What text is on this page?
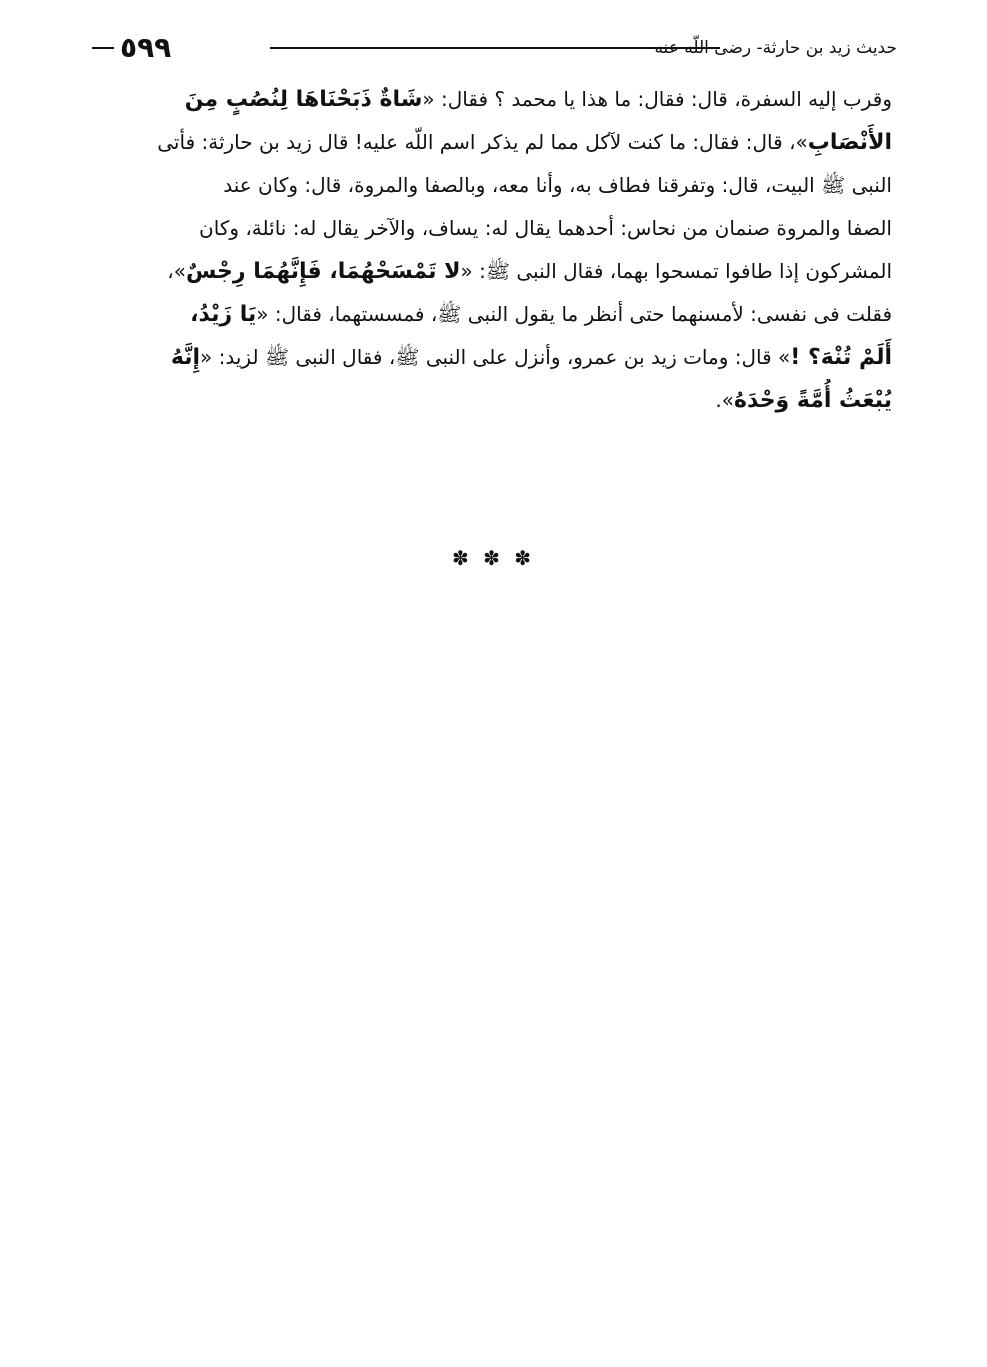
٥٩٩	حديث زيد بن حارثة- رضى اللّه عنه-
وقرب إليه السفرة، قال: فقال: ما هذا يا محمد ؟ فقال: «شَاةٌ ذَبَحْنَاهَا لِنُصُبٍ مِنَ
الأَنْصَابِ»، قال: فقال: ما كنت لآكل مما لم يذكر اسم اللّه عليه! قال زيد بن حارثة: فأتى
النبى ﷺ البيت، قال: وتفرقنا فطاف به، وأنا معه، وبالصفا والمروة، قال: وكان عند
الصفا والمروة صنمان من نحاس: أحدهما يقال له: يساف، والآخر يقال له: نائلة، وكان
المشركون إذا طافوا تمسحوا بهما، فقال النبى ﷺ: «لا تَمْسَحْهُمَا، فَإِنَّهُمَا رِجْسٌ»،
فقلت فى نفسى: لأمسنهما حتى أنظر ما يقول النبى ﷺ، فمسستهما، فقال: «يَا زَيْدُ،
أَلَمْ تُنْهَ؟ !» قال: ومات زيد بن عمرو، وأنزل على النبى ﷺ، فقال النبى ﷺ لزيد: «إِنَّهُ
يُبْعَثُ أُمَّةً وَحْدَهُ».
✽ ✽ ✽
